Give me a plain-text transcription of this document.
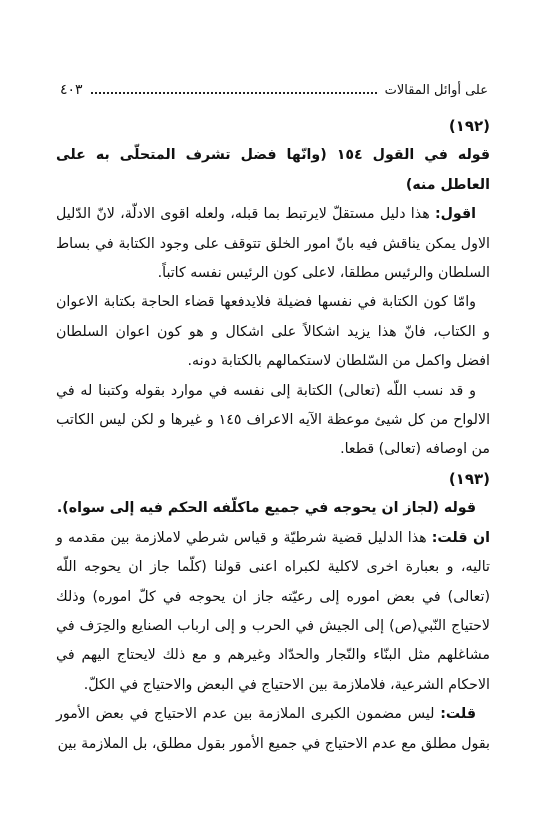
على أوائل المقالات
٤٠٣

(١٩٢)

قوله في القول ١٥٤ (وانّها فضل تشرف المتحلّى به على العاطل منه)

اقول: هذا دليل مستقلّ لايرتبط بما قبله، ولعله اقوى الادلّة، لانّ الدّليل الاول يمكن يناقش فيه بانّ امور الخلق تتوقف على وجود الكتابة في بساط السلطان والرئيس مطلقا، لاعلى كون الرئيس نفسه كاتباً.

وامّا كون الكتابة في نفسها فضيلة فلايدفعها قضاء الحاجة بكتابة الاعوان و الكتاب، فانّ هذا يزيد اشكالاً على اشكال و هو كون اعوان السلطان افضل واكمل من السّلطان لاستكمالهم بالكتابة دونه.

و قد نسب اللّه (تعالى) الكتابة إلى نفسه في موارد بقوله وكتبنا له في الالواح من كل شيئ موعظة الآيه الاعراف ١٤٥ و غيرها و لكن ليس الكاتب من اوصافه (تعالى) قطعا.

(١٩٣)

قوله (لجاز ان يحوجه في جميع ماكلّفه الحكم فيه إلى سواه).

ان قلت: هذا الدليل قضية شرطيّة و قياس شرطي لاملازمة بين مقدمه و تاليه، و بعبارة اخرى لاكلية لكبراه اعنى قولنا (كلّما جاز ان يحوجه اللّه (تعالى) في بعض اموره إلى رعيّته جاز ان يحوجه في كلّ اموره) وذلك لاحتياج النّبي(ص) إلى الجيش في الحرب و إلى ارباب الصنايع والحِرَف في مشاغلهم مثل البنّاء والنّجار والحدّاد وغيرهم و مع ذلك لايحتاج اليهم في الاحكام الشرعية، فلاملازمة بين الاحتياج في البعض والاحتياج في الكلّ.

قلت: ليس مضمون الكبرى الملازمة بين عدم الاحتياج في بعض الأمور بقول مطلق مع عدم الاحتياج في جميع الأمور بقول مطلق، بل الملازمة بين
